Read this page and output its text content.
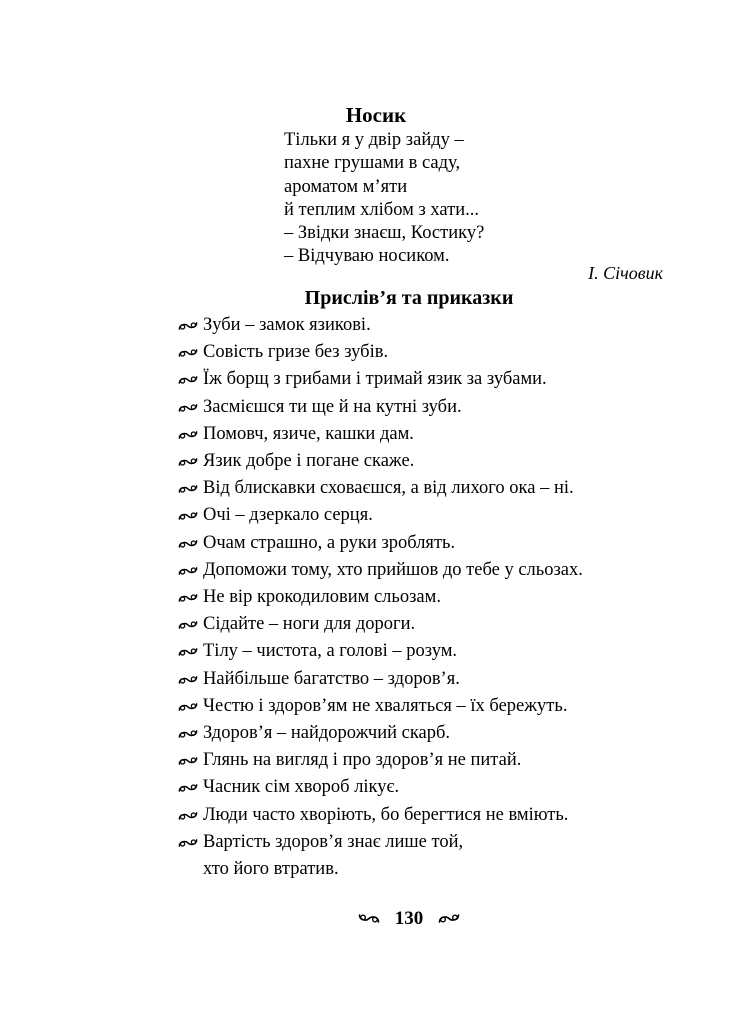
Носик
Тільки я у двір зайду –
пахне грушами в саду,
ароматом м’яти
й теплим хлібом з хати...
– Звідки знаєш, Костику?
– Відчуваю носиком.
І. Січовик
Прислів’я та приказки
Зуби – замок язикові.
Совість гризе без зубів.
Їж борщ з грибами і тримай язик за зубами.
Засмієшся ти ще й на кутні зуби.
Помовч, язиче, кашки дам.
Язик добре і погане скаже.
Від блискавки сховаєшся, а від лихого ока – ні.
Очі – дзеркало серця.
Очам страшно, а руки зроблять.
Допоможи тому, хто прийшов до тебе у сльозах.
Не вір крокодиловим сльозам.
Сідайте – ноги для дороги.
Тілу – чистота, а голові – розум.
Найбільше багатство – здоров’я.
Честю і здоров’ям не хваляться – їх бережуть.
Здоров’я – найдорожчий скарб.
Глянь на вигляд і про здоров’я не питай.
Часник сім хвороб лікує.
Люди часто хворіють, бо берегтися не вміють.
Вартість здоров’я знає лише той,
хто його втратив.
130
